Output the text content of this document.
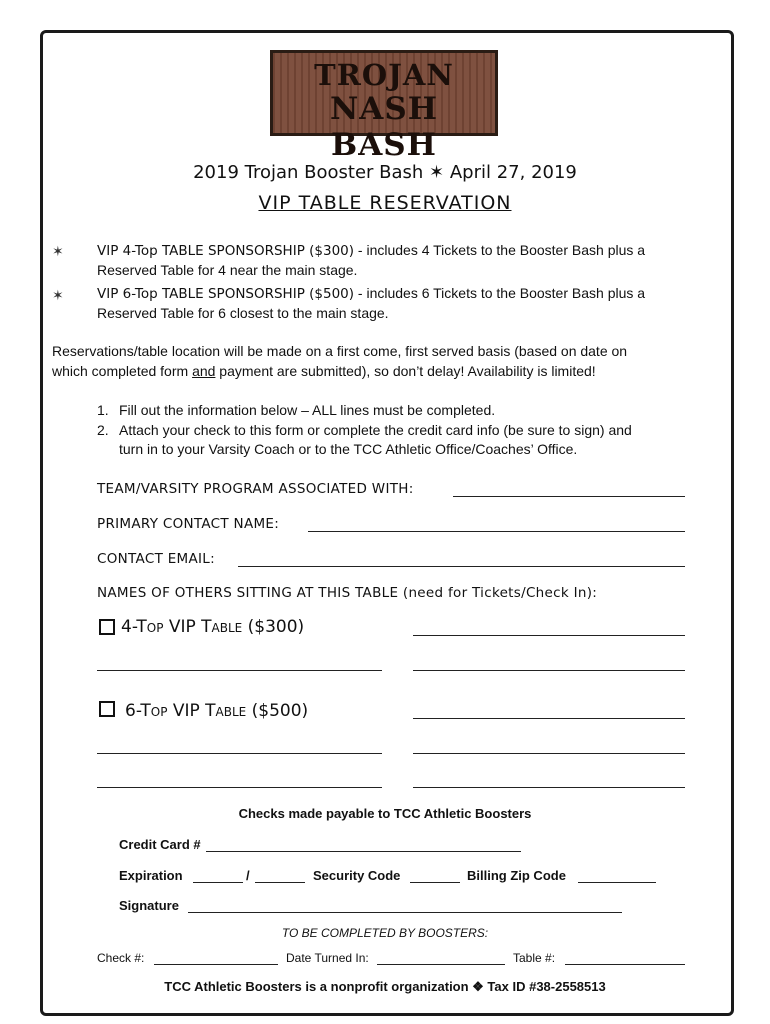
TROJAN
NASH BASH
2019 Trojan Booster Bash ✶ April 27, 2019
VIP TABLE RESERVATION
✶ VIP 4-Top TABLE SPONSORSHIP ($300) - includes 4 Tickets to the Booster Bash plus a
Reserved Table for 4 near the main stage.
✶ VIP 6-Top TABLE SPONSORSHIP ($500) - includes 6 Tickets to the Booster Bash plus a
Reserved Table for 6 closest to the main stage.
Reservations/table location will be made on a first come, first served basis (based on date on
which completed form and payment are submitted), so don’t delay! Availability is limited!
1. Fill out the information below – ALL lines must be completed.
2. Attach your check to this form or complete the credit card info (be sure to sign) and
turn in to your Varsity Coach or to the TCC Athletic Office/Coaches’ Office.
TEAM/VARSITY PROGRAM ASSOCIATED WITH:
PRIMARY CONTACT NAME:
CONTACT EMAIL:
NAMES OF OTHERS SITTING AT THIS TABLE (need for Tickets/Check In):
4-Top VIP Table ($300)
6-Top VIP Table ($500)
Checks made payable to TCC Athletic Boosters
Credit Card #
Expiration	/	Security Code	Billing Zip Code
Signature
TO BE COMPLETED BY BOOSTERS:
Check #:	Date Turned In:	Table #:
TCC Athletic Boosters is a nonprofit organization ❖ Tax ID #38-2558513
